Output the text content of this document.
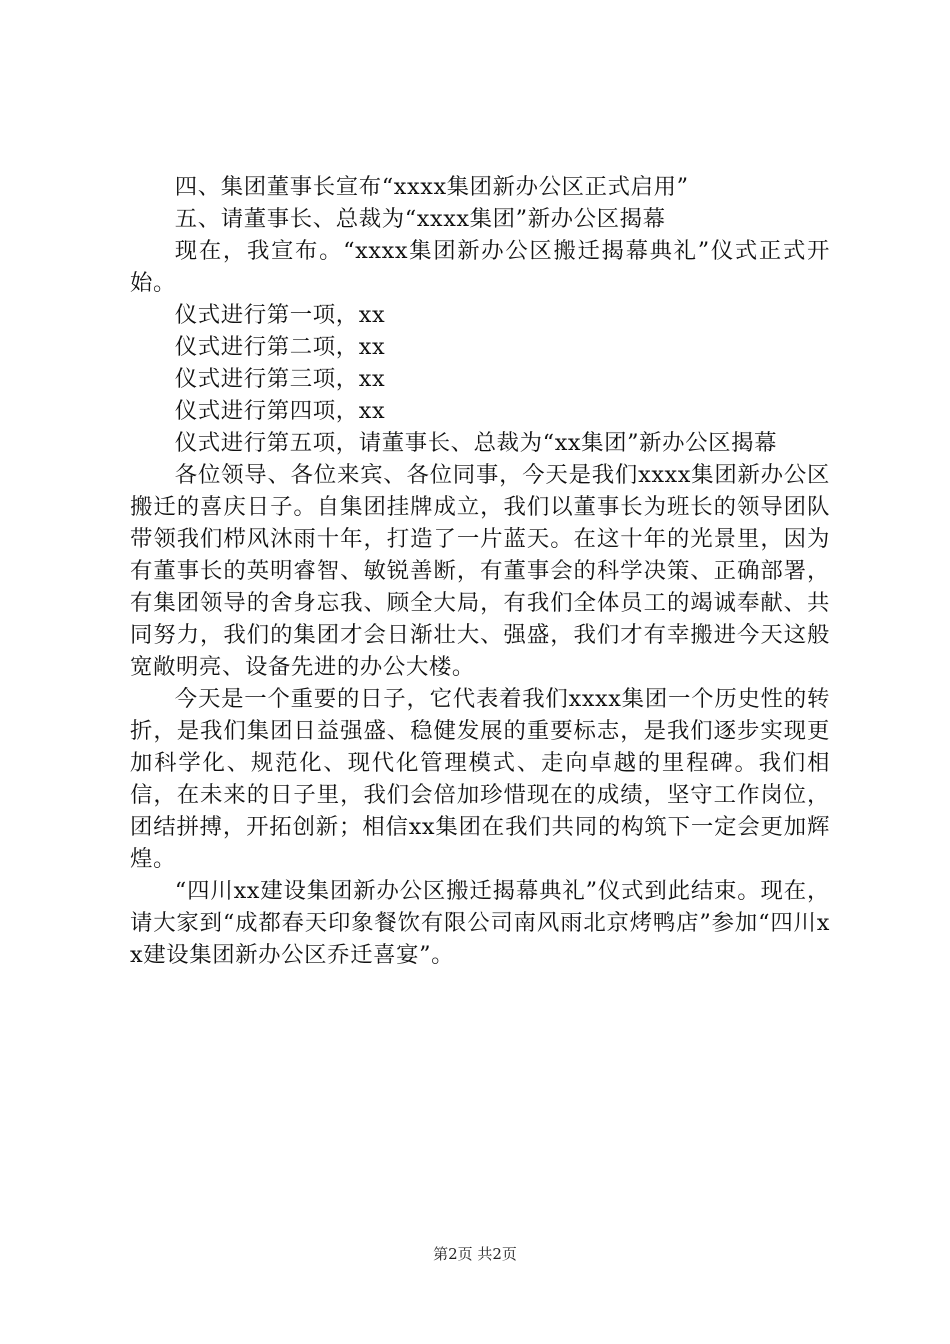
四、集团董事长宣布“xxxx集团新办公区正式启用”

五、请董事长、总裁为“xxxx集团”新办公区揭幕

现在，我宣布。“xxxx集团新办公区搬迁揭幕典礼”仪式正式开始。

仪式进行第一项，xx

仪式进行第二项，xx

仪式进行第三项，xx

仪式进行第四项，xx

仪式进行第五项，请董事长、总裁为“xx集团”新办公区揭幕

各位领导、各位来宾、各位同事，今天是我们xxxx集团新办公区搬迁的喜庆日子。自集团挂牌成立，我们以董事长为班长的领导团队带领我们栉风沐雨十年，打造了一片蓝天。在这十年的光景里，因为有董事长的英明睿智、敏锐善断，有董事会的科学决策、正确部署，有集团领导的舍身忘我、顾全大局，有我们全体员工的竭诚奉献、共同努力，我们的集团才会日渐壮大、强盛，我们才有幸搬进今天这般宽敞明亮、设备先进的办公大楼。

今天是一个重要的日子，它代表着我们xxxx集团一个历史性的转折，是我们集团日益强盛、稳健发展的重要标志，是我们逐步实现更加科学化、规范化、现代化管理模式、走向卓越的里程碑。我们相信，在未来的日子里，我们会倍加珍惜现在的成绩，坚守工作岗位，团结拼搏，开拓创新；相信xx集团在我们共同的构筑下一定会更加辉煌。

“四川xx建设集团新办公区搬迁揭幕典礼”仪式到此结束。现在，请大家到“成都春天印象餐饮有限公司南风雨北京烤鸭店”参加“四川xx建设集团新办公区乔迁喜宴”。

第2页 共2页
